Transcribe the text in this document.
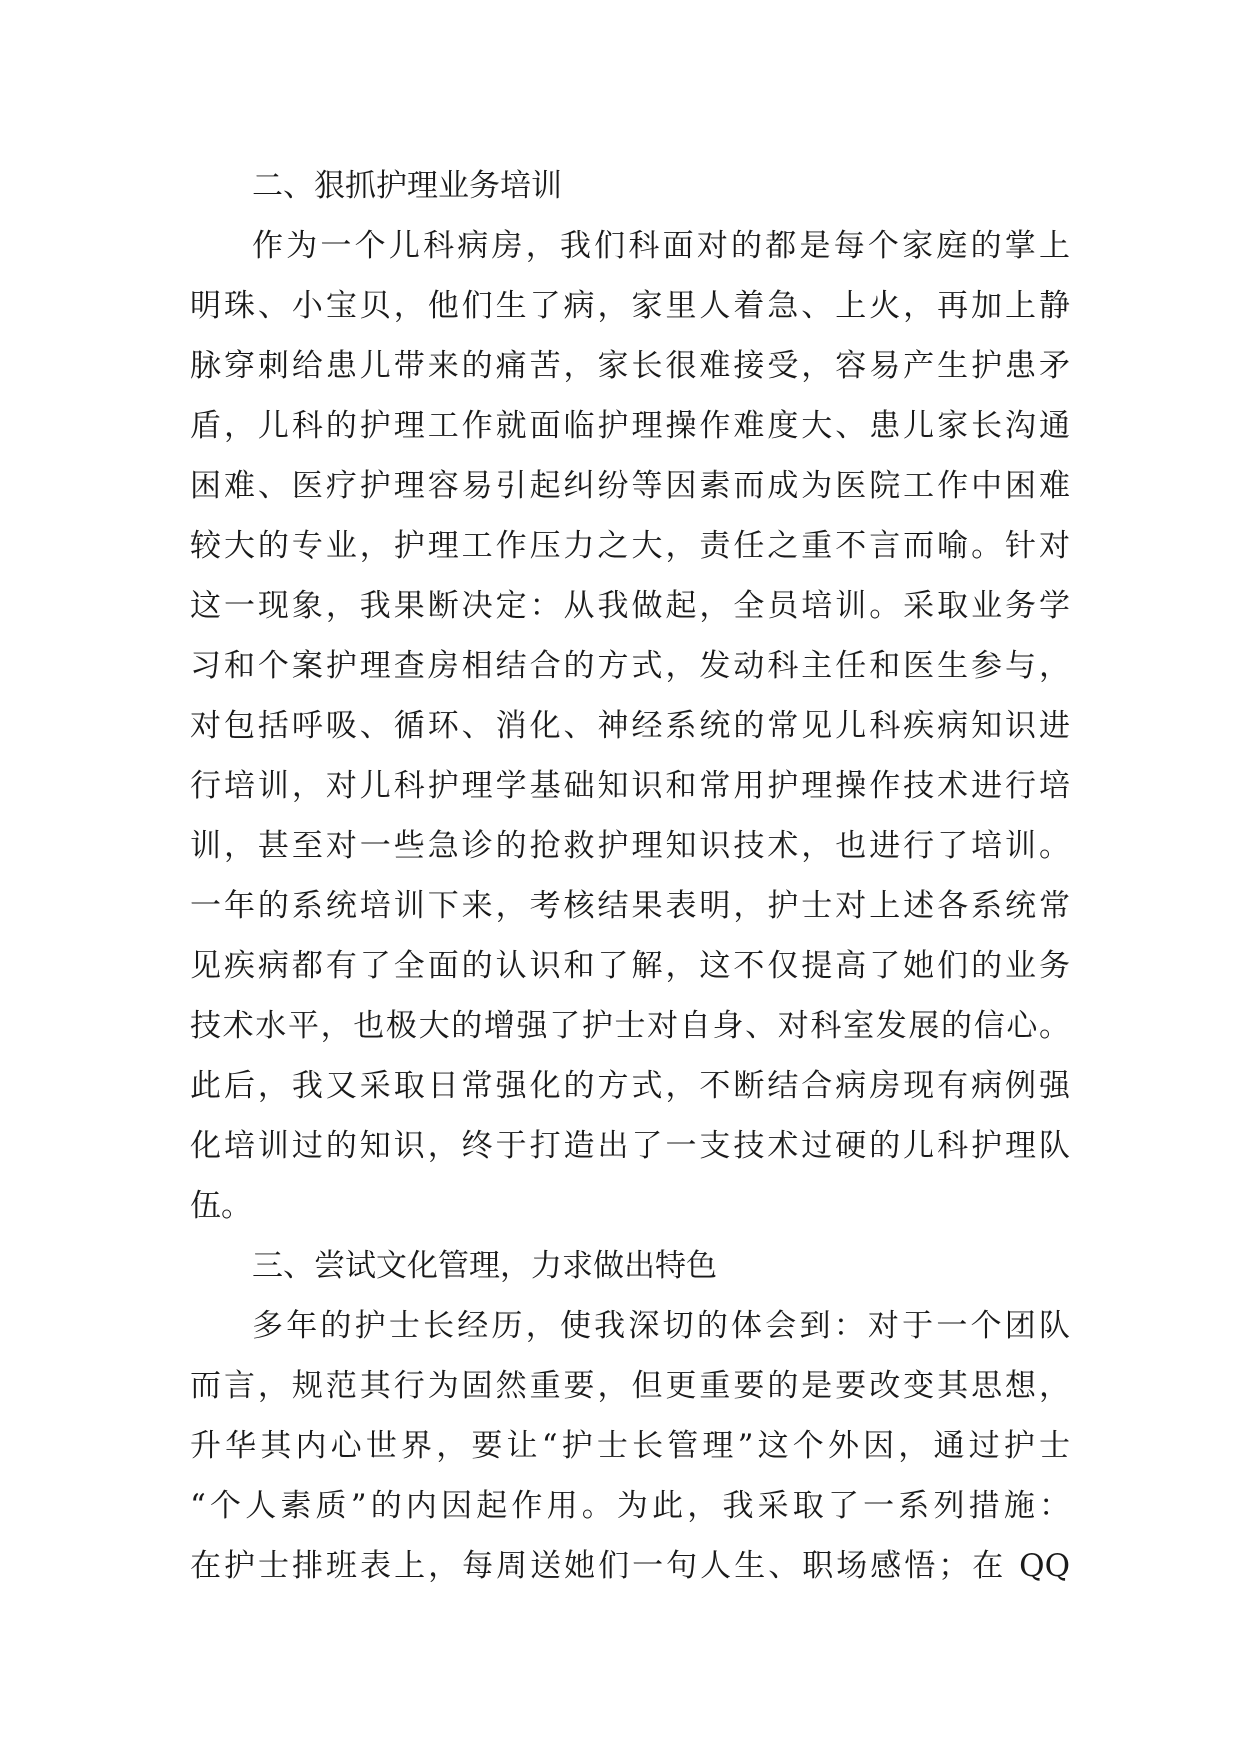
二、狠抓护理业务培训
作为一个儿科病房，我们科面对的都是每个家庭的掌上
明珠、小宝贝，他们生了病，家里人着急、上火，再加上静
脉穿刺给患儿带来的痛苦，家长很难接受，容易产生护患矛
盾，儿科的护理工作就面临护理操作难度大、患儿家长沟通
困难、医疗护理容易引起纠纷等因素而成为医院工作中困难
较大的专业，护理工作压力之大，责任之重不言而喻。针对
这一现象，我果断决定：从我做起，全员培训。采取业务学
习和个案护理查房相结合的方式，发动科主任和医生参与，
对包括呼吸、循环、消化、神经系统的常见儿科疾病知识进
行培训，对儿科护理学基础知识和常用护理操作技术进行培
训，甚至对一些急诊的抢救护理知识技术，也进行了培训。
一年的系统培训下来，考核结果表明，护士对上述各系统常
见疾病都有了全面的认识和了解，这不仅提高了她们的业务
技术水平，也极大的增强了护士对自身、对科室发展的信心。
此后，我又采取日常强化的方式，不断结合病房现有病例强
化培训过的知识，终于打造出了一支技术过硬的儿科护理队
伍。
三、尝试文化管理，力求做出特色
多年的护士长经历，使我深切的体会到：对于一个团队
而言，规范其行为固然重要，但更重要的是要改变其思想，
升华其内心世界，要让“护士长管理”这个外因，通过护士
“个人素质”的内因起作用。为此，我采取了一系列措施：
在护士排班表上，每周送她们一句人生、职场感悟；在 QQ
